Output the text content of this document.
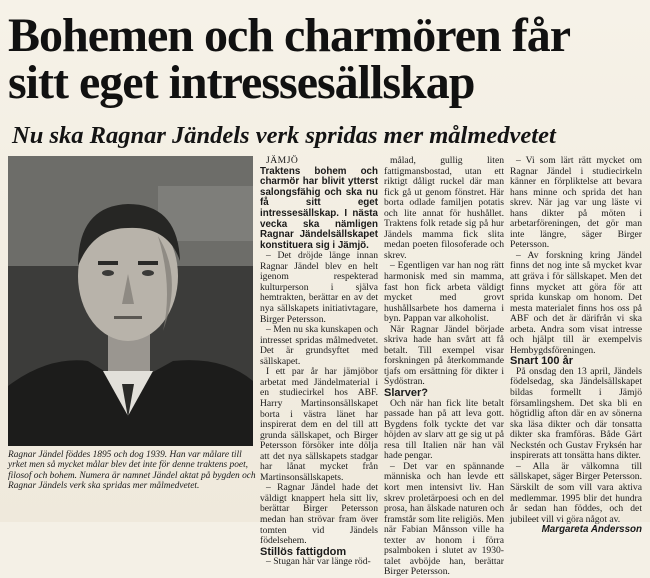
Bohemen och charmören får
sitt eget intressesällskap
Nu ska Ragnar Jändels verk spridas mer målmedvetet
Ragnar Jändel föddes 1895 och dog 1939. Han var målare till yrket men så mycket målar blev det inte för denne traktens poet, filosof och bohem. Numera är namnet Jändel aktat på bygden och Ragnar Jändels verk ska spridas mer målmedvetet.

JÄMJÖ

Traktens bohem och charmör har blivit ytterst salongsfähig och ska nu få sitt eget intressesällskap. I nästa vecka ska nämligen Ragnar Jändelsällskapet konstituera sig i Jämjö.

– Det dröjde länge innan Ragnar Jändel blev en helt igenom respekterad kulturperson i själva hemtrakten, berättar en av det nya sällskapets initiativtagare, Birger Petersson.

– Men nu ska kunskapen och intresset spridas målmedvetet. Det är grundsyftet med sällskapet.

I ett par år har jämjöbor arbetat med Jändelmaterial i en studiecirkel hos ABF. Harry Martinsonsällskapet borta i västra länet har inspirerat dem en del till att grunda sällskapet, och Birger Petersson försöker inte dölja att det nya sällskapets stadgar har lånat mycket från Martinsonsällskapets.

– Ragnar Jändel hade det väldigt knappert hela sitt liv, berättar Birger Petersson medan han strövar fram över tomten vid Jändels födelsehem.

Stillös fattigdom

– Stugan här var länge röd-

målad, gullig liten fattigmansbostad, utan ett riktigt dåligt ruckel där man fick gå ut genom fönstret. Här borta odlade familjen potatis och lite annat för hushållet. Traktens folk retade sig på hur Jändels mamma fick slita medan poeten filosoferade och skrev.

– Egentligen var han nog rätt harmonisk med sin mamma, fast hon fick arbeta väldigt mycket med grovt hushållsarbete hos damerna i byn. Pappan var alkoholist.

När Ragnar Jändel började skriva hade han svårt att få betalt. Till exempel visar forskningen på återkommande tjafs om ersättning för dikter i Sydöstran.

Slarver?

Och när han fick lite betalt passade han på att leva gott. Bygdens folk tyckte det var höjden av slarv att ge sig ut på resa till Italien när han väl hade pengar.

– Det var en spännande människa och han levde ett kort men intensivt liv. Han skrev proletärpoesi och en del prosa, han älskade naturen och framstår som lite religiös. Men när Fabian Månsson ville ha texter av honom i förra psalmboken i slutet av 1930-talet avböjde han, berättar Birger Petersson.

– Vi som lärt rätt mycket om Ragnar Jändel i studiecirkeln känner en förpliktelse att bevara hans minne och sprida det han skrev. När jag var ung läste vi hans dikter på möten i arbetarföreningen, det gör man inte längre, säger Birger Petersson.

– Av forskning kring Jändel finns det nog inte så mycket kvar att gräva i för sällskapet. Men det finns mycket att göra för att sprida kunskap om honom. Det mesta materialet finns hos oss på ABF och det är därifrån vi ska arbeta. Andra som visat intresse och hjälpt till är exempelvis Hembygdsföreningen.

Snart 100 år

På onsdag den 13 april, Jändels födelsedag, ska Jändelsällskapet bildas formellt i Jämjö församlingshem. Det ska bli en högtidlig afton där en av sönerna ska läsa dikter och där tonsatta dikter ska framföras. Både Gärt Neckstén och Gustav Fryksén har inspirerats att tonsätta hans dikter.

– Alla är välkomna till sällskapet, säger Birger Petersson. Särskilt de som vill vara aktiva medlemmar. 1995 blir det hundra år sedan han föddes, och det jubileet vill vi göra något av.

Margareta Andersson
